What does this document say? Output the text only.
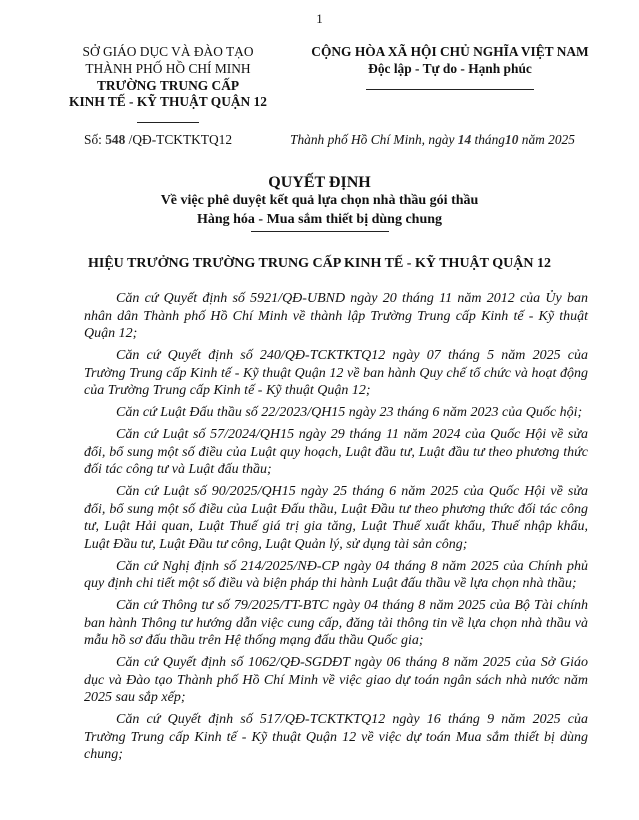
1
SỞ GIÁO DỤC VÀ ĐÀO TẠO
THÀNH PHỐ HỒ CHÍ MINH
TRƯỜNG TRUNG CẤP
KINH TẾ - KỸ THUẬT QUẬN 12
CỘNG HÒA XÃ HỘI CHỦ NGHĨA VIỆT NAM
Độc lập - Tự do - Hạnh phúc
Số: 548 /QĐ-TCKTKTQ12	Thành phố Hồ Chí Minh, ngày 14 tháng10 năm 2025
QUYẾT ĐỊNH
Về việc phê duyệt kết quả lựa chọn nhà thầu gói thầu
Hàng hóa - Mua sắm thiết bị dùng chung
HIỆU TRƯỞNG TRƯỜNG TRUNG CẤP KINH TẾ - KỸ THUẬT QUẬN 12

Căn cứ Quyết định số 5921/QĐ-UBND ngày 20 tháng 11 năm 2012 của Ủy ban nhân dân Thành phố Hồ Chí Minh về thành lập Trường Trung cấp Kinh tế - Kỹ thuật Quận 12;

Căn cứ Quyết định số 240/QĐ-TCKTKTQ12 ngày 07 tháng 5 năm 2025 của Trường Trung cấp Kinh tế - Kỹ thuật Quận 12 về ban hành Quy chế tổ chức và hoạt động của Trường Trung cấp Kinh tế - Kỹ thuật Quận 12;

Căn cứ Luật Đấu thầu số 22/2023/QH15 ngày 23 tháng 6 năm 2023 của Quốc hội;

Căn cứ Luật số 57/2024/QH15 ngày 29 tháng 11 năm 2024 của Quốc Hội về sửa đổi, bổ sung một số điều của Luật quy hoạch, Luật đầu tư, Luật đầu tư theo phương thức đối tác công tư và Luật đấu thầu;

Căn cứ Luật số 90/2025/QH15 ngày 25 tháng 6 năm 2025 của Quốc Hội về sửa đổi, bổ sung một số điều của Luật Đấu thầu, Luật Đầu tư theo phương thức đối tác công tư, Luật Hải quan, Luật Thuế giá trị gia tăng, Luật Thuế xuất khẩu, Thuế nhập khẩu, Luật Đầu tư, Luật Đầu tư công, Luật Quản lý, sử dụng tài sản công;

Căn cứ Nghị định số 214/2025/NĐ-CP ngày 04 tháng 8 năm 2025 của Chính phủ quy định chi tiết một số điều và biện pháp thi hành Luật đấu thầu về lựa chọn nhà thầu;

Căn cứ Thông tư số 79/2025/TT-BTC ngày 04 tháng 8 năm 2025 của Bộ Tài chính ban hành Thông tư hướng dẫn việc cung cấp, đăng tải thông tin về lựa chọn nhà thầu và mẫu hồ sơ đấu thầu trên Hệ thống mạng đấu thầu Quốc gia;

Căn cứ Quyết định số 1062/QĐ-SGDĐT ngày 06 tháng 8 năm 2025 của Sở Giáo dục và Đào tạo Thành phố Hồ Chí Minh về việc giao dự toán ngân sách nhà nước năm 2025 sau sắp xếp;

Căn cứ Quyết định số 517/QĐ-TCKTKTQ12 ngày 16 tháng 9 năm 2025 của Trường Trung cấp Kinh tế - Kỹ thuật Quận 12 về việc dự toán Mua sắm thiết bị dùng chung;
